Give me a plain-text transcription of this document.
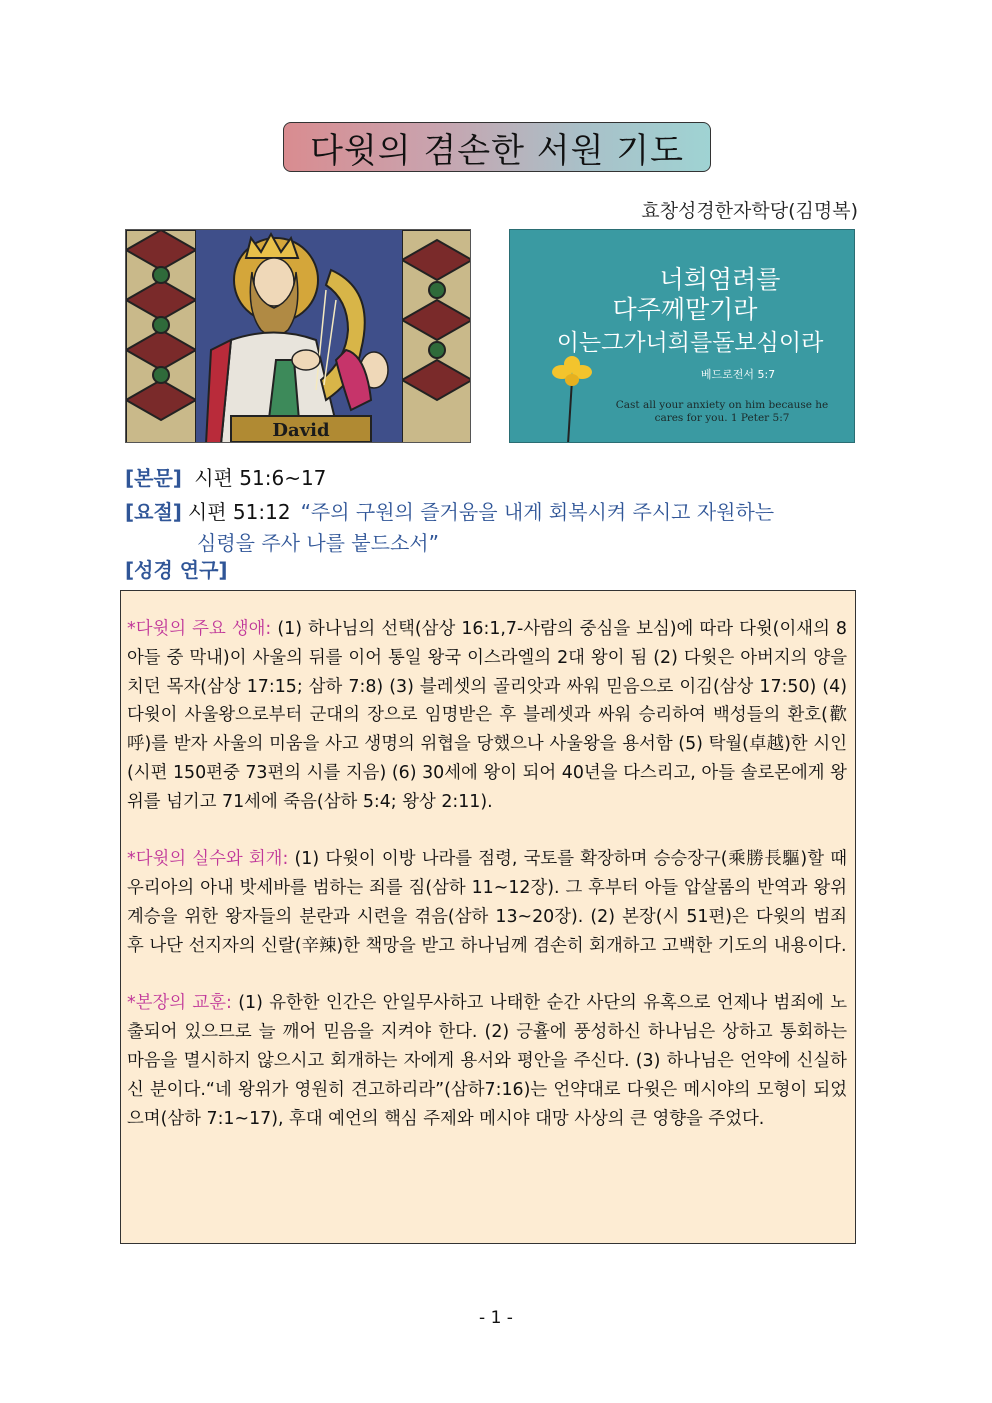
다윗의 겸손한 서원 기도
효창성경한자학당(김명복)
David
너희염려를
다주께맡기라
이는그가너희를돌보심이라
베드로전서 5:7
Cast all your anxiety on him because he
cares for you. 1 Peter 5:7
[본문] 시편 51:6~17
[요절] 시편 51:12 “주의 구원의 즐거움을 내게 회복시켜 주시고 자원하는
심령을 주사 나를 붙드소서”
[성경 연구]

*다윗의 주요 생애: (1) 하나님의 선택(삼상 16:1,7-사람의 중심을 보심)에 따라 다윗(이새의 8아들 중 막내)이 사울의 뒤를 이어 통일 왕국 이스라엘의 2대 왕이 됨 (2) 다윗은 아버지의 양을 치던 목자(삼상 17:15; 삼하 7:8) (3) 블레셋의 골리앗과 싸워 믿음으로 이김(삼상 17:50) (4) 다윗이 사울왕으로부터 군대의 장으로 임명받은 후 블레셋과 싸워 승리하여 백성들의 환호(歡呼)를 받자 사울의 미움을 사고 생명의 위협을 당했으나 사울왕을 용서함 (5) 탁월(卓越)한 시인(시편 150편중 73편의 시를 지음) (6) 30세에 왕이 되어 40년을 다스리고, 아들 솔로몬에게 왕위를 넘기고 71세에 죽음(삼하 5:4; 왕상 2:11).

*다윗의 실수와 회개: (1) 다윗이 이방 나라를 점령, 국토를 확장하며 승승장구(乘勝長驅)할 때 우리아의 아내 밧세바를 범하는 죄를 짐(삼하 11~12장). 그 후부터 아들 압살롬의 반역과 왕위 계승을 위한 왕자들의 분란과 시련을 겪음(삼하 13~20장). (2) 본장(시 51편)은 다윗의 범죄 후 나단 선지자의 신랄(辛辣)한 책망을 받고 하나님께 겸손히 회개하고 고백한 기도의 내용이다.

*본장의 교훈: (1) 유한한 인간은 안일무사하고 나태한 순간 사단의 유혹으로 언제나 범죄에 노출되어 있으므로 늘 깨어 믿음을 지켜야 한다. (2) 긍휼에 풍성하신 하나님은 상하고 통회하는 마음을 멸시하지 않으시고 회개하는 자에게 용서와 평안을 주신다. (3) 하나님은 언약에 신실하신 분이다.“네 왕위가 영원히 견고하리라”(삼하7:16)는 언약대로 다윗은 메시야의 모형이 되었으며(삼하 7:1~17), 후대 예언의 핵심 주제와 메시야 대망 사상의 큰 영향을 주었다.

- 1 -
